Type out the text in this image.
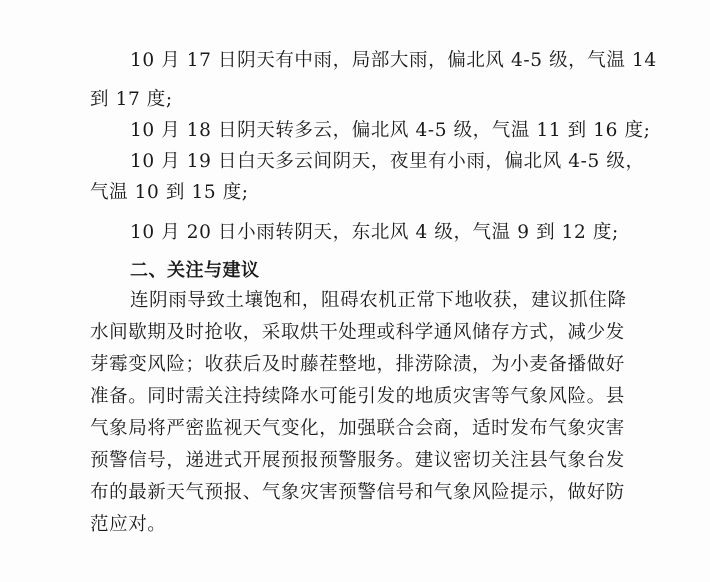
10 月 17 日阴天有中雨，局部大雨，偏北风 4-5 级，气温 14
到 17 度;
10 月 18 日阴天转多云，偏北风 4-5 级，气温 11 到 16 度;
10 月 19 日白天多云间阴天，夜里有小雨，偏北风 4-5 级，
气温 10 到 15 度;
10 月 20 日小雨转阴天，东北风 4 级，气温 9 到 12 度;
二、关注与建议
连阴雨导致土壤饱和，阻碍农机正常下地收获，建议抓住降
水间歇期及时抢收，采取烘干处理或科学通风储存方式，减少发
芽霉变风险；收获后及时藤茬整地，排涝除渍，为小麦备播做好
准备。同时需关注持续降水可能引发的地质灾害等气象风险。县
气象局将严密监视天气变化，加强联合会商，适时发布气象灾害
预警信号，递进式开展预报预警服务。建议密切关注县气象台发
布的最新天气预报、气象灾害预警信号和气象风险提示，做好防
范应对。
